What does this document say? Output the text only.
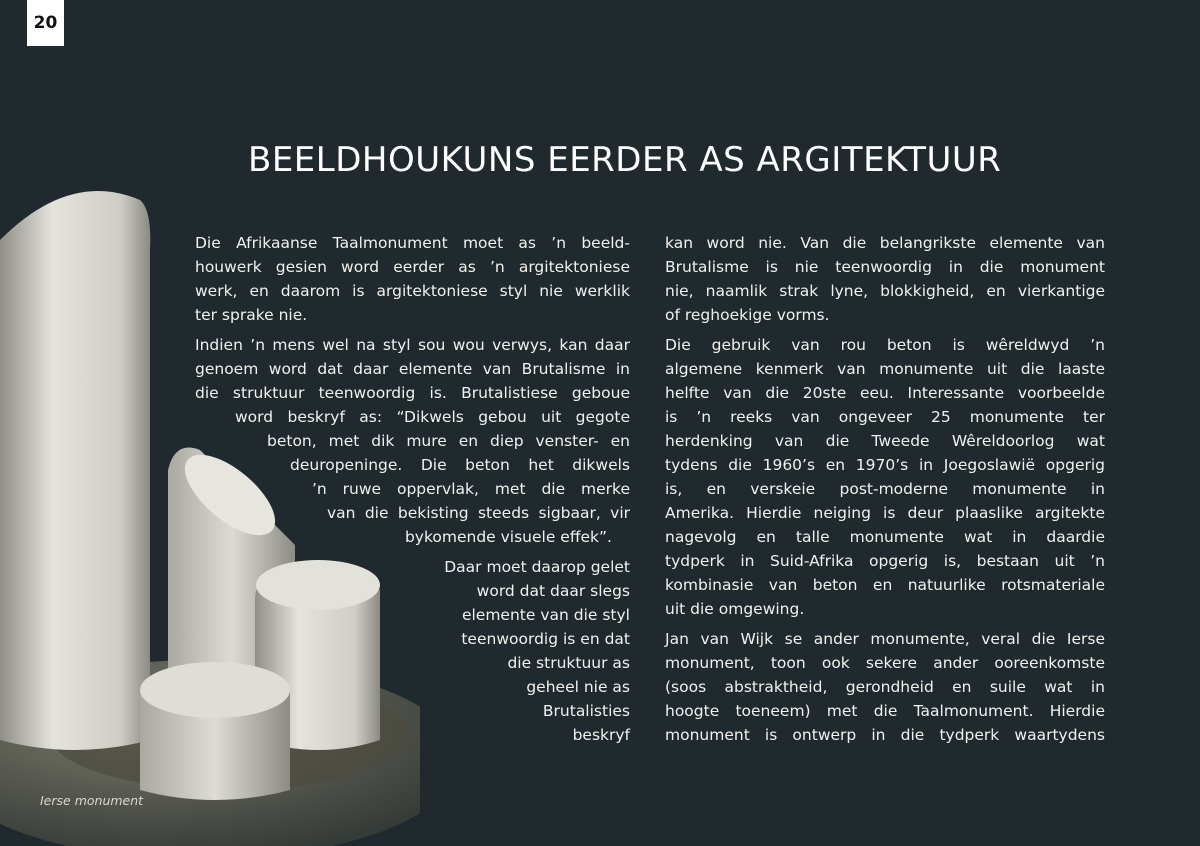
20
BEELDHOUKUNS EERDER AS ARGITEKTUUR
Die Afrikaanse Taalmonument moet as ’n beeld-
houwerk gesien word eerder as ’n argitektoniese
werk, en daarom is argitektoniese styl nie werklik
ter sprake nie.
Indien ’n mens wel na styl sou wou verwys, kan daar
genoem word dat daar elemente van Brutalisme in
die struktuur teenwoordig is. Brutalistiese geboue
word beskryf as: “Dikwels gebou uit gegote
beton, met dik mure en diep venster- en
deuropeninge. Die beton het dikwels
’n ruwe oppervlak, met die merke
van die bekisting steeds sigbaar, vir
bykomende visuele effek”.
Daar moet daarop gelet
word dat daar slegs
elemente van die styl
teenwoordig is en dat
die struktuur as
geheel nie as
Brutalisties
beskryf
kan word nie. Van die belangrikste elemente van
Brutalisme is nie teenwoordig in die monument
nie, naamlik strak lyne, blokkigheid, en vierkantige
of reghoekige vorms.
Die gebruik van rou beton is wêreldwyd ’n
algemene kenmerk van monumente uit die laaste
helfte van die 20ste eeu. Interessante voorbeelde
is ’n reeks van ongeveer 25 monumente ter
herdenking van die Tweede Wêreldoorlog wat
tydens die 1960’s en 1970’s in Joegoslawië opgerig
is, en verskeie post-moderne monumente in
Amerika. Hierdie neiging is deur plaaslike argitekte
nagevolg en talle monumente wat in daardie
tydperk in Suid-Afrika opgerig is, bestaan uit ’n
kombinasie van beton en natuurlike rotsmateriale
uit die omgewing.
Jan van Wijk se ander monumente, veral die Ierse
monument, toon ook sekere ander ooreenkomste
(soos abstraktheid, gerondheid en suile wat in
hoogte toeneem) met die Taalmonument. Hierdie
monument is ontwerp in die tydperk waartydens
Ierse monument
